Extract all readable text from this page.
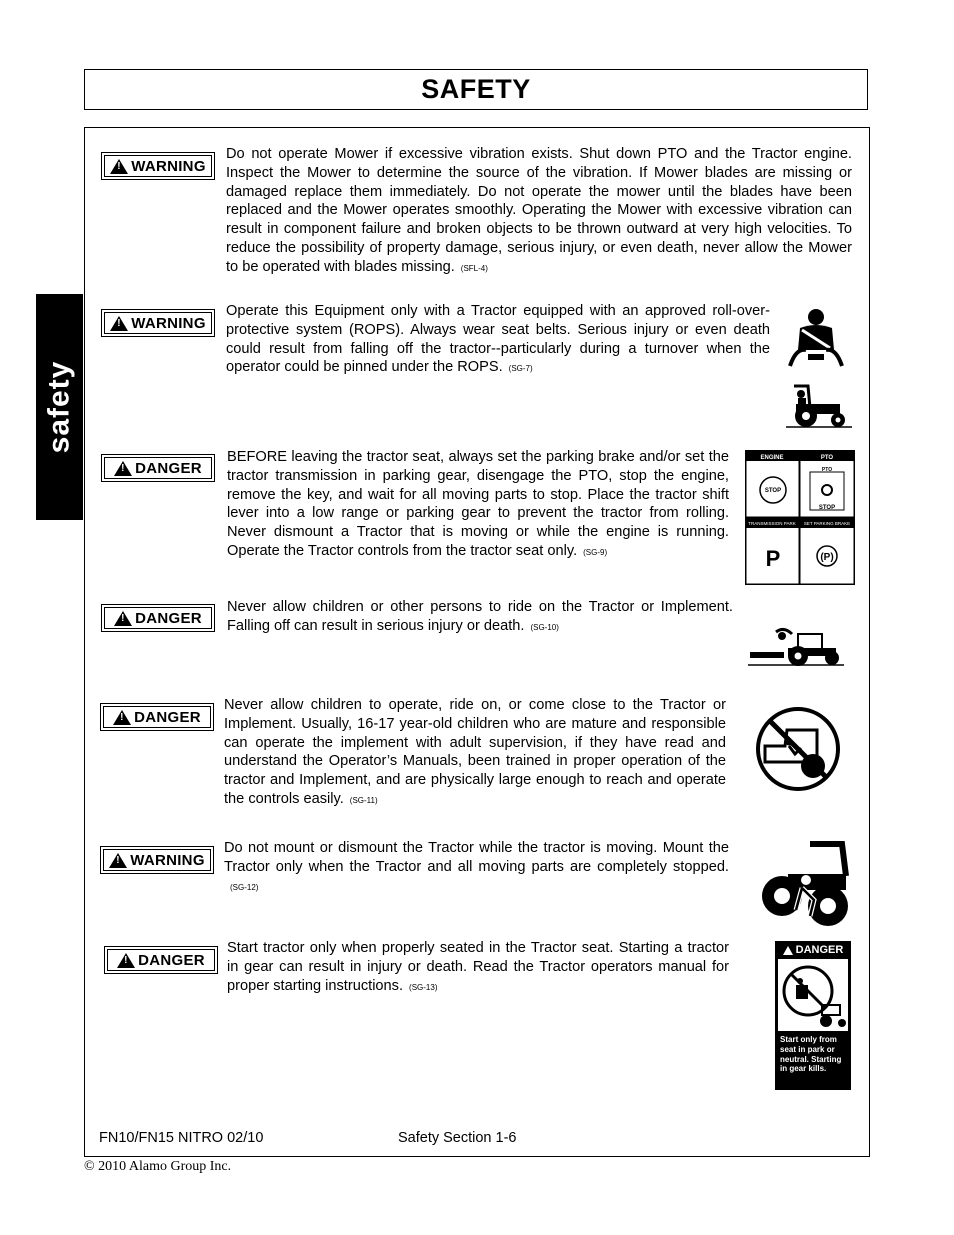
SAFETY
safety
!
WARNING
Do not operate Mower if excessive vibration exists. Shut down PTO and the Tractor engine. Inspect the Mower to determine the source of the vibration. If Mower blades are missing or damaged replace them immediately. Do not operate the mower until the blades have been replaced and the Mower operates smoothly. Operating the Mower with excessive vibration can result in component failure and broken objects to be thrown outward at very high velocities. To reduce the possibility of property damage, serious injury, or even death, never allow the Mower to be operated with blades missing. (SFL-4)
!
WARNING
Operate this Equipment only with a Tractor equipped with an approved roll-over-protective system (ROPS). Always wear seat belts. Serious injury or even death could result from falling off the tractor--particularly during a turnover when the operator could be pinned under the ROPS. (SG-7)
!
DANGER
BEFORE leaving the tractor seat, always set the parking brake and/or set the tractor transmission in parking gear, disengage the PTO, stop the engine, remove the key, and wait for all moving parts to stop. Place the tractor shift lever into a low range or parking gear to prevent the tractor from rolling. Never dismount a Tractor that is moving or while the engine is running. Operate the Tractor controls from the tractor seat only. (SG-9)
ENGINE	PTO
STOP
PTO
STOP
TRANSMISSION PARK SET PARKING BRAKE
P	(P)
!
DANGER
Never allow children or other persons to ride on the Tractor or Implement. Falling off can result in serious injury or death. (SG-10)
!
DANGER
Never allow children to operate, ride on, or come close to the Tractor or Implement. Usually, 16-17 year-old children who are mature and responsible can operate the implement with adult supervision, if they have read and understand the Operator’s Manuals, been trained in proper operation of the tractor and Implement, and are physically large enough to reach and operate the controls easily. (SG-11)
!
WARNING
Do not mount or dismount the Tractor while the tractor is moving. Mount the Tractor only when the Tractor and all moving parts are completely stopped.(SG-12)
!
DANGER
Start tractor only when properly seated in the Tractor seat. Starting a tractor in gear can result in injury or death. Read the Tractor operators manual for proper starting instructions. (SG-13)
DANGER
Start only from seat in park or neutral. Starting in gear kills.
FN10/FN15 NITRO 02/10	Safety Section 1-6
© 2010 Alamo Group Inc.
